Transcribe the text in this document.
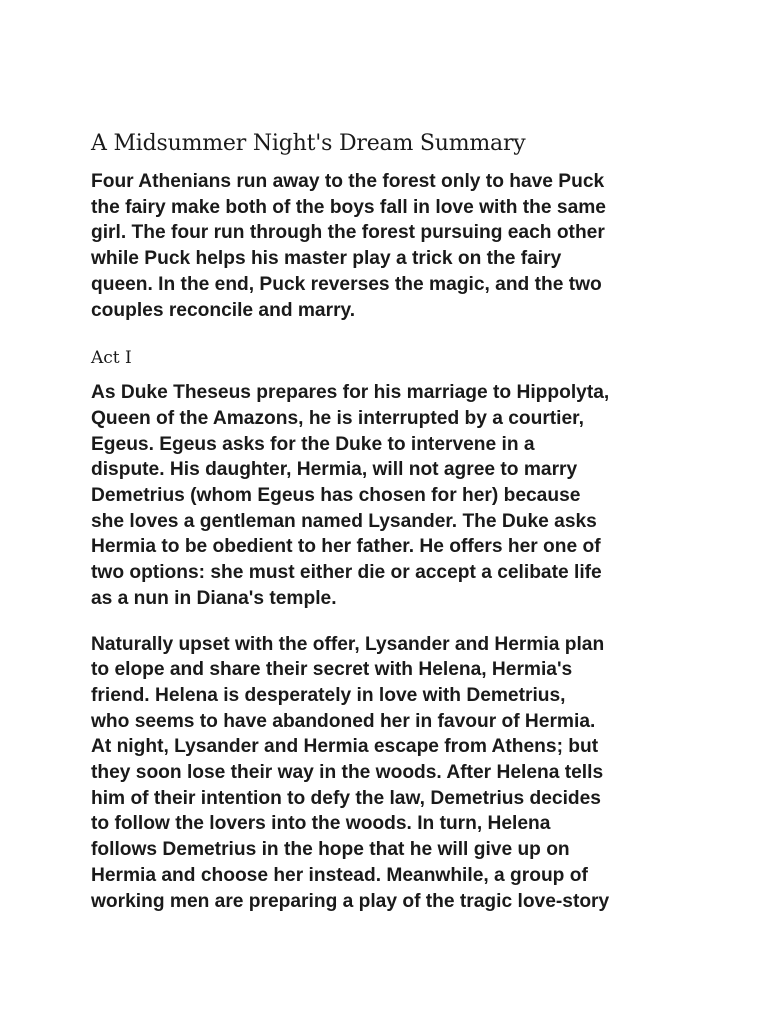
A Midsummer Night's Dream Summary

Four Athenians run away to the forest only to have Puck
the fairy make both of the boys fall in love with the same
girl. The four run through the forest pursuing each other
while Puck helps his master play a trick on the fairy
queen. In the end, Puck reverses the magic, and the two
couples reconcile and marry.

Act I

As Duke Theseus prepares for his marriage to Hippolyta,
Queen of the Amazons, he is interrupted by a courtier,
Egeus. Egeus asks for the Duke to intervene in a
dispute. His daughter, Hermia, will not agree to marry
Demetrius (whom Egeus has chosen for her) because
she loves a gentleman named Lysander. The Duke asks
Hermia to be obedient to her father. He offers her one of
two options: she must either die or accept a celibate life
as a nun in Diana's temple.

Naturally upset with the offer, Lysander and Hermia plan
to elope and share their secret with Helena, Hermia's
friend. Helena is desperately in love with Demetrius,
who seems to have abandoned her in favour of Hermia.
At night, Lysander and Hermia escape from Athens; but
they soon lose their way in the woods. After Helena tells
him of their intention to defy the law, Demetrius decides
to follow the lovers into the woods. In turn, Helena
follows Demetrius in the hope that he will give up on
Hermia and choose her instead. Meanwhile, a group of
working men are preparing a play of the tragic love-story
